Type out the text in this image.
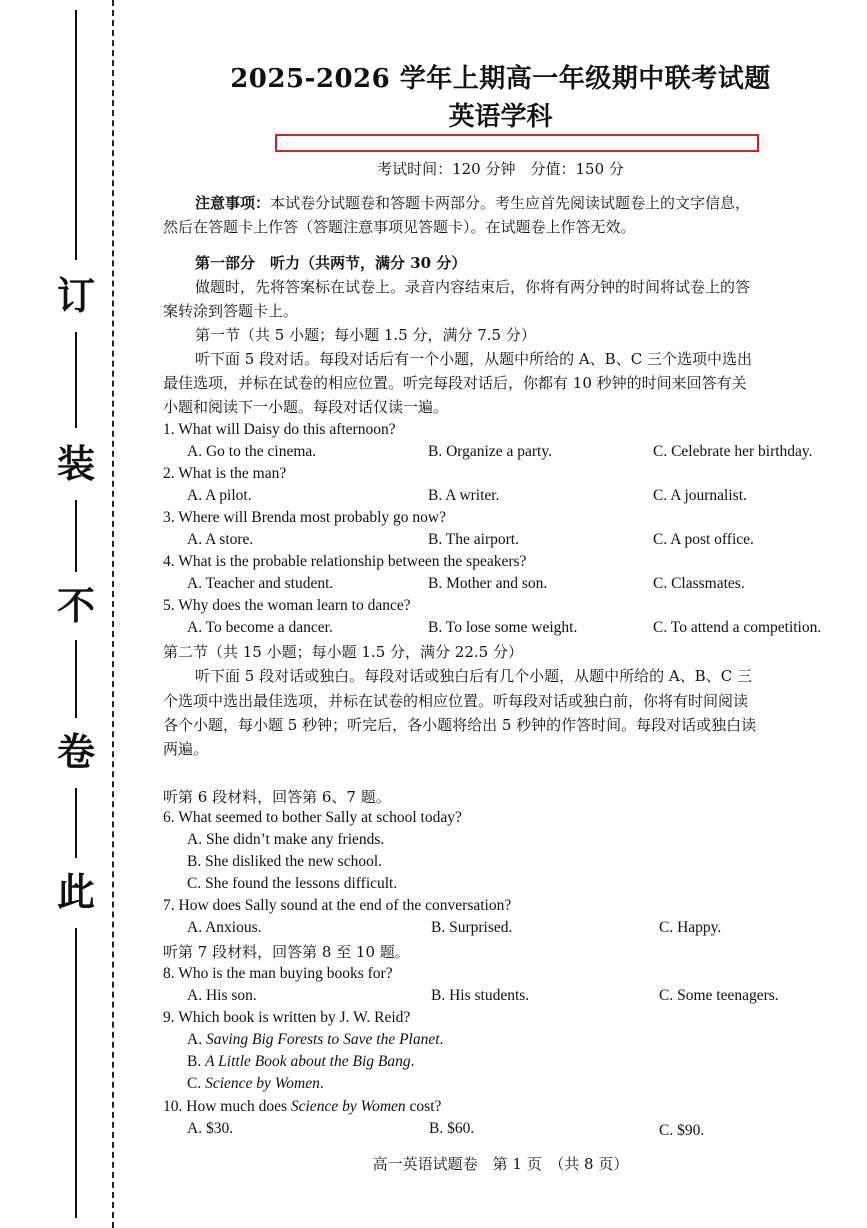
订
装
不
卷
此
2025-2026 学年上期高一年级期中联考试题
英语学科
考试时间：120 分钟　分值：150 分
注意事项：本试卷分试题卷和答题卡两部分。考生应首先阅读试题卷上的文字信息，
然后在答题卡上作答（答题注意事项见答题卡）。在试题卷上作答无效。
第一部分　听力（共两节，满分 30 分）
做题时，先将答案标在试卷上。录音内容结束后，你将有两分钟的时间将试卷上的答
案转涂到答题卡上。
第一节（共 5 小题；每小题 1.5 分，满分 7.5 分）
听下面 5 段对话。每段对话后有一个小题，从题中所给的 A、B、C 三个选项中选出
最佳选项，并标在试卷的相应位置。听完每段对话后，你都有 10 秒钟的时间来回答有关
小题和阅读下一小题。每段对话仅读一遍。
1. What will Daisy do this afternoon?
A. Go to the cinema.	B. Organize a party.	C. Celebrate her birthday.
2. What is the man?
A. A pilot.	B. A writer.	C. A journalist.
3. Where will Brenda most probably go now?
A. A store.	B. The airport.	C. A post office.
4. What is the probable relationship between the speakers?
A. Teacher and student.	B. Mother and son.	C. Classmates.
5. Why does the woman learn to dance?
A. To become a dancer.	B. To lose some weight.	C. To attend a competition.
第二节（共 15 小题；每小题 1.5 分，满分 22.5 分）
听下面 5 段对话或独白。每段对话或独白后有几个小题，从题中所给的 A、B、C 三
个选项中选出最佳选项，并标在试卷的相应位置。听每段对话或独白前，你将有时间阅读
各个小题，每小题 5 秒钟；听完后，各小题将给出 5 秒钟的作答时间。每段对话或独白读
两遍。
听第 6 段材料，回答第 6、7 题。
6. What seemed to bother Sally at school today?
A. She didn’t make any friends.
B. She disliked the new school.
C. She found the lessons difficult.
7. How does Sally sound at the end of the conversation?
A. Anxious.	B. Surprised.	C. Happy.
听第 7 段材料，回答第 8 至 10 题。
8. Who is the man buying books for?
A. His son.	B. His students.	C. Some teenagers.
9. Which book is written by J. W. Reid?
A. Saving Big Forests to Save the Planet.
B. A Little Book about the Big Bang.
C. Science by Women.
10. How much does Science by Women cost?
A. $30.	B. $60.	C. $90.
高一英语试题卷　第 1 页　（共 8 页）
